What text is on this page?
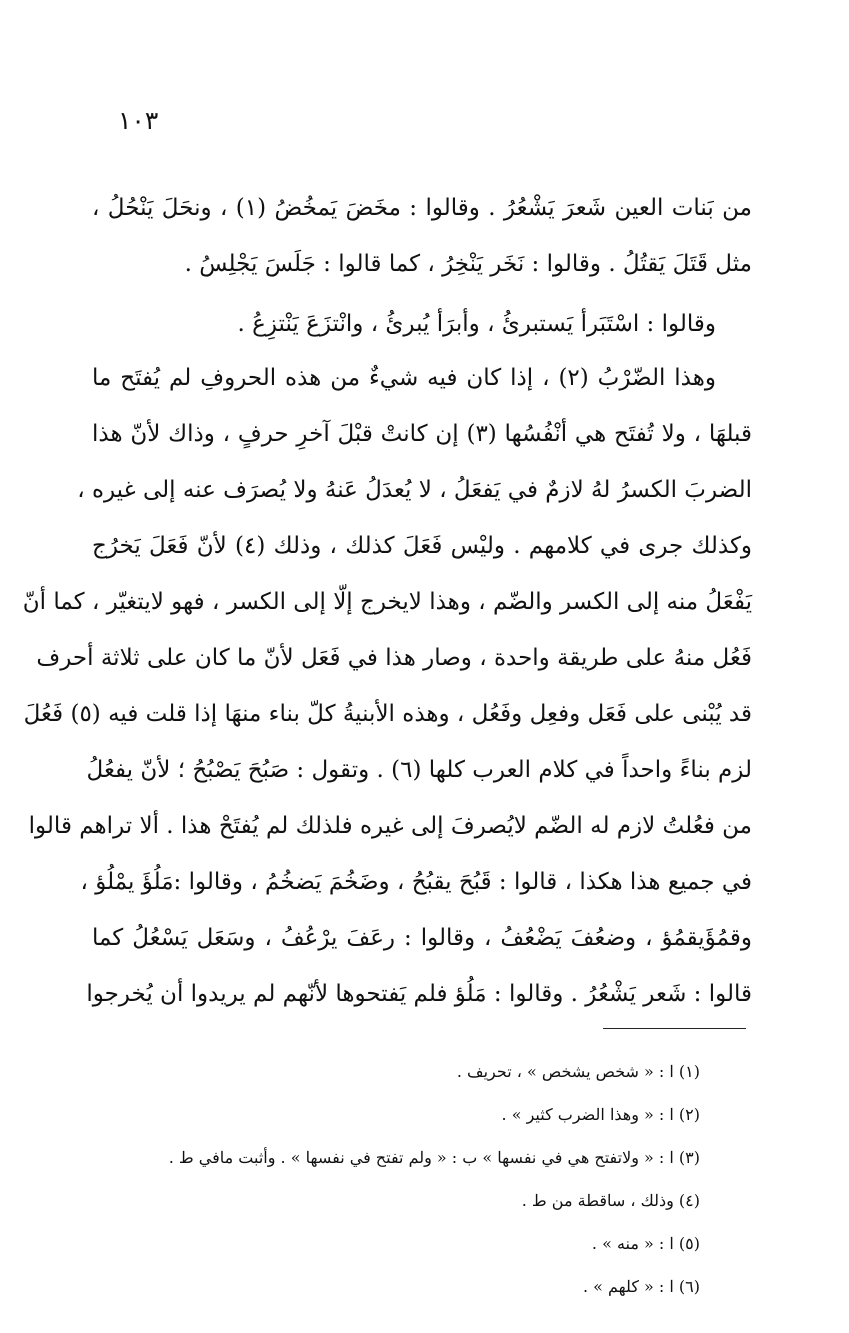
١٠٣
من بَنات العين شَعرَ يَشْعُرُ . وقالوا : مخَضَ يَمخُضُ (١) ، ونحَلَ يَنْحُلُ ،
مثل قَتَلَ يَقتُلُ . وقالوا : نَخَر يَنْخِرُ ، كما قالوا : جَلَسَ يَجْلِسُ .
وقالوا : اسْتَبَرأ يَستبرئُ ، وأبرَأ يُبرئُ ، وانْتزَعَ يَنْتزِعُ .
وهذا الضّرْبُ (٢) ، إذا كان فيه شيءٌ من هذه الحروفِ لم يُفتَح ما
قبلهَا ، ولا تُفتَح هي أنْفُسُها (٣) إن كانتْ قبْلَ آخرِ حرفٍ ، وذاك لأنّ هذا
الضربَ الكسرُ لهُ لازمٌ في يَفعَلُ ، لا يُعدَلُ عَنهُ ولا يُصرَف عنه إلى غيره ،
وكذلك جرى في كلامهم . وليْس فَعَلَ كذلك ، وذلك (٤) لأنّ فَعَلَ يَخرُج
يَفْعَلُ منه إلى الكسر والضّم ، وهذا لايخرج إلّا إلى الكسر ، فهو لايتغيّر ، كما أنّ
فَعُل منهُ على طريقة واحدة ، وصار هذا في فَعَل لأنّ ما كان على ثلاثة أحرف
قد يُبْنى على فَعَل وفعِل وفَعُل ، وهذه الأبنيةُ كلّ بناء منهَا إذا قلت فيه (٥) فَعُلَ
لزم بناءً واحداً في كلام العرب كلها (٦) . وتقول : صَبُحَ يَصْبُحُ ؛ لأنّ يفعُلُ
من فعُلتُ لازم له الضّم لايُصرفَ إلى غيره فلذلك لم يُفتَحْ هذا . ألا تراهم قالوا
في جميع هذا هكذا ، قالوا : قَبُحَ يقبُحُ ، وضَخُمَ يَضخُمُ ، وقالوا :مَلُؤَ يمْلُؤ ،
وقمُؤَيقمُؤ ، وضعُفَ يَضْعُفُ ، وقالوا : رعَفَ يرْعُفُ ، وسَعَل يَسْعُلُ كما
قالوا : شَعر يَشْعُرُ . وقالوا : مَلُؤ فلم يَفتحوها لأنّهم لم يريدوا أن يُخرجوا
(١) ا : « شخص يشخص » ، تحريف .
(٢) ا : « وهذا الضرب كثير » .
(٣) ا : « ولاتفتح هي في نفسها » ب : « ولم تفتح في نفسها » . وأثبت مافي ط .
(٤) وذلك ، ساقطة من ط .
(٥) ا : « منه » .
(٦) ا : « كلهم » .
